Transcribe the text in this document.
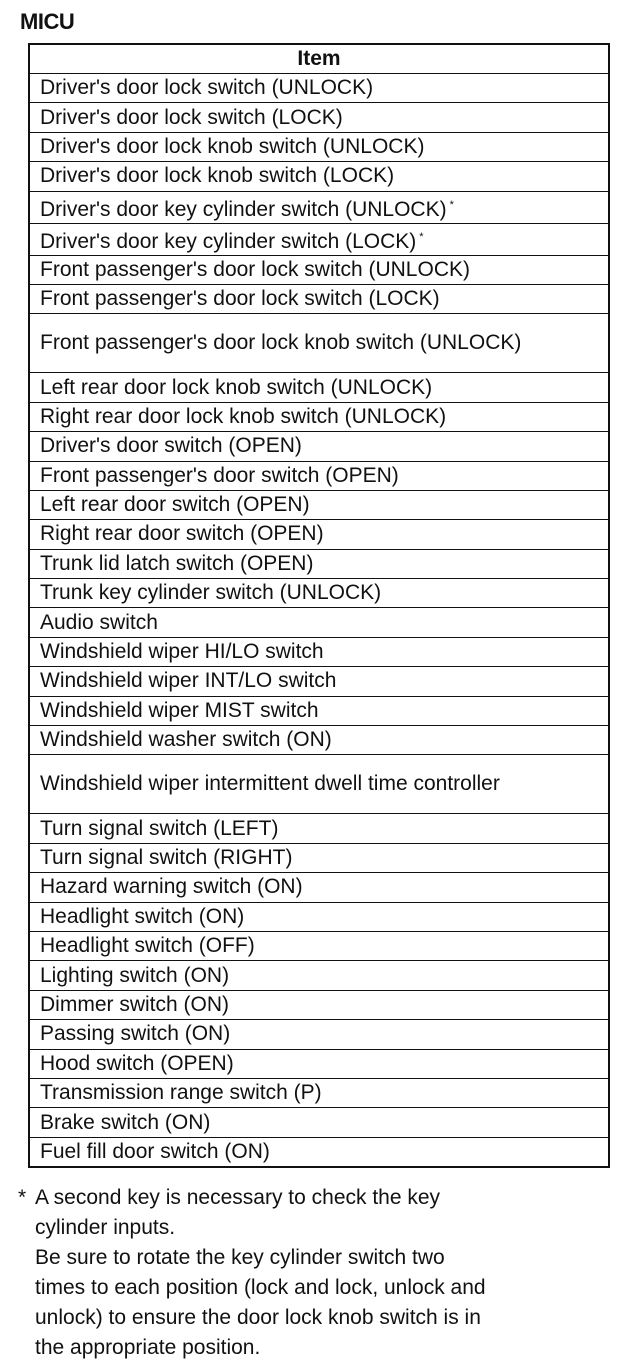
MICU
Item
Driver's door lock switch (UNLOCK)
Driver's door lock switch (LOCK)
Driver's door lock knob switch (UNLOCK)
Driver's door lock knob switch (LOCK)
Driver's door key cylinder switch (UNLOCK) *
Driver's door key cylinder switch (LOCK) *
Front passenger's door lock switch (UNLOCK)
Front passenger's door lock switch (LOCK)
Front passenger's door lock knob switch (UNLOCK)
Left rear door lock knob switch (UNLOCK)
Right rear door lock knob switch (UNLOCK)
Driver's door switch (OPEN)
Front passenger's door switch (OPEN)
Left rear door switch (OPEN)
Right rear door switch (OPEN)
Trunk lid latch switch (OPEN)
Trunk key cylinder switch (UNLOCK)
Audio switch
Windshield wiper HI/LO switch
Windshield wiper INT/LO switch
Windshield wiper MIST switch
Windshield washer switch (ON)
Windshield wiper intermittent dwell time controller
Turn signal switch (LEFT)
Turn signal switch (RIGHT)
Hazard warning switch (ON)
Headlight switch (ON)
Headlight switch (OFF)
Lighting switch (ON)
Dimmer switch (ON)
Passing switch (ON)
Hood switch (OPEN)
Transmission range switch (P)
Brake switch (ON)
Fuel fill door switch (ON)
* A second key is necessary to check the key
cylinder inputs.
Be sure to rotate the key cylinder switch two
times to each position (lock and lock, unlock and
unlock) to ensure the door lock knob switch is in
the appropriate position.
